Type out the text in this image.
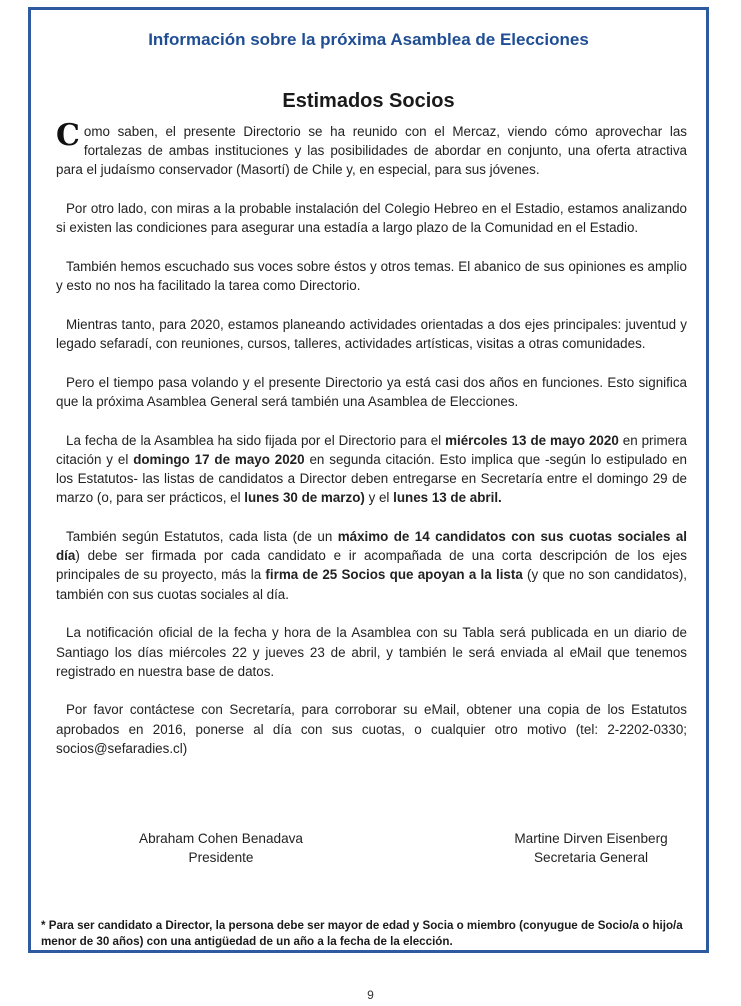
Información sobre la próxima Asamblea de Elecciones
Estimados Socios

Como saben, el presente Directorio se ha reunido con el Mercaz, viendo cómo aprovechar las fortalezas de ambas instituciones y las posibilidades de abordar en conjunto, una oferta atractiva para el judaísmo conservador (Masortí) de Chile y, en especial, para sus jóvenes.

Por otro lado, con miras a la probable instalación del Colegio Hebreo en el Estadio, estamos analizando si existen las condiciones para asegurar una estadía a largo plazo de la Comunidad en el Estadio.

También hemos escuchado sus voces sobre éstos y otros temas. El abanico de sus opiniones es amplio y esto no nos ha facilitado la tarea como Directorio.

Mientras tanto, para 2020, estamos planeando actividades orientadas a dos ejes principales: juventud y legado sefaradí, con reuniones, cursos, talleres, actividades artísticas, visitas a otras comunidades.

Pero el tiempo pasa volando y el presente Directorio ya está casi dos años en funciones. Esto significa que la próxima Asamblea General será también una Asamblea de Elecciones.

La fecha de la Asamblea ha sido fijada por el Directorio para el miércoles 13 de mayo 2020 en primera citación y el domingo 17 de mayo 2020 en segunda citación. Esto implica que -según lo estipulado en los Estatutos- las listas de candidatos a Director deben entregarse en Secretaría entre el domingo 29 de marzo (o, para ser prácticos, el lunes 30 de marzo) y el lunes 13 de abril.

También según Estatutos, cada lista (de un máximo de 14 candidatos con sus cuotas sociales al día) debe ser firmada por cada candidato e ir acompañada de una corta descripción de los ejes principales de su proyecto, más la firma de 25 Socios que apoyan a la lista (y que no son candidatos), también con sus cuotas sociales al día.

La notificación oficial de la fecha y hora de la Asamblea con su Tabla será publicada en un diario de Santiago los días miércoles 22 y jueves 23 de abril, y también le será enviada al eMail que tenemos registrado en nuestra base de datos.

Por favor contáctese con Secretaría, para corroborar su eMail, obtener una copia de los Estatutos aprobados en 2016, ponerse al día con sus cuotas, o cualquier otro motivo (tel: 2-2202-0330; socios@sefaradies.cl)

Abraham Cohen Benadava
Presidente
Martine Dirven Eisenberg
Secretaria General
* Para ser candidato a Director, la persona debe ser mayor de edad y Socia o miembro (conyugue de Socio/a o hijo/a menor de 30 años) con una antigüedad de un año a la fecha de la elección.
9
